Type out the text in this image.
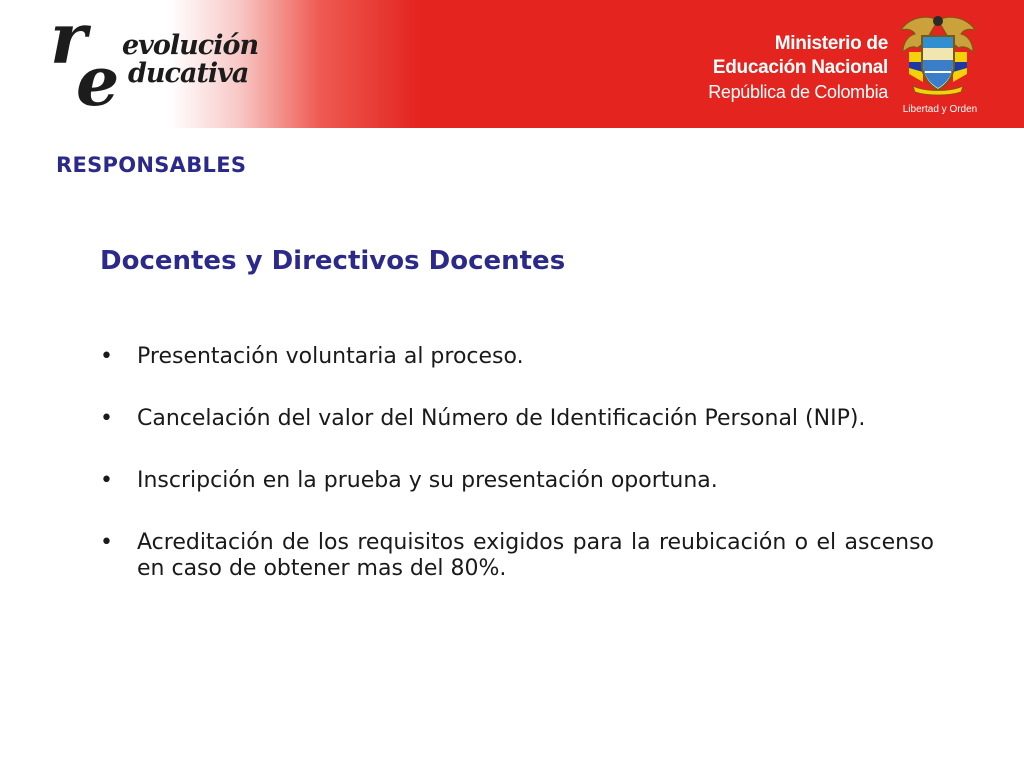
r
e evolución
ducativa
Ministerio de
Educación Nacional
República de Colombia
Libertad y Orden
RESPONSABLES
Docentes y Directivos Docentes
•	Presentación voluntaria al proceso.
•	Cancelación del valor del Número de Identificación Personal (NIP).
•	Inscripción en la prueba y su presentación oportuna.
•	Acreditación de los requisitos exigidos para la reubicación o el ascenso en caso de obtener mas del 80%.
